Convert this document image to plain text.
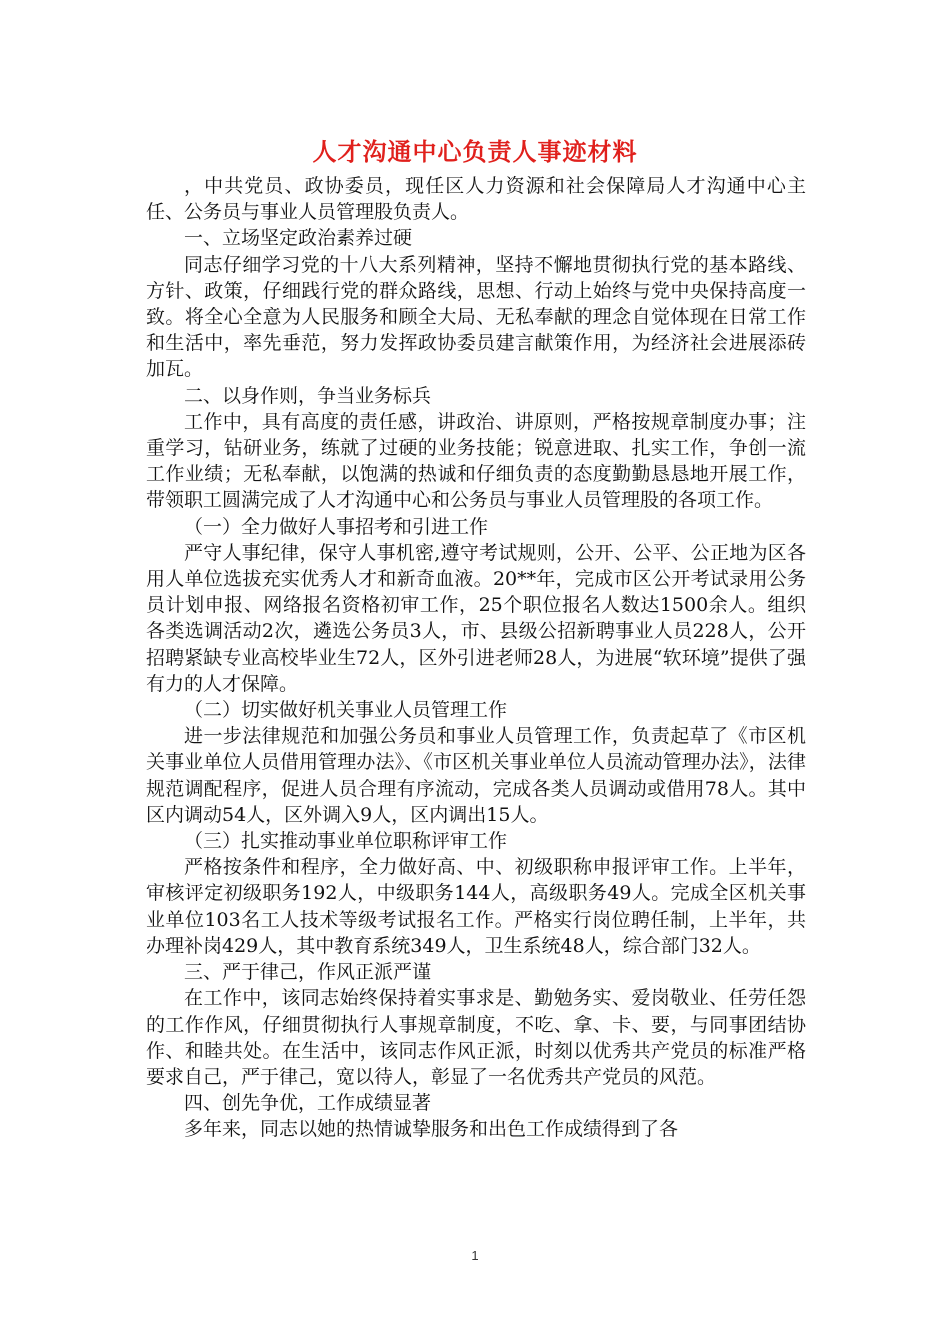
人才沟通中心负责人事迹材料

，中共党员、政协委员，现任区人力资源和社会保障局人才沟通中心主任、公务员与事业人员管理股负责人。

一、立场坚定政治素养过硬

同志仔细学习党的十八大系列精神，坚持不懈地贯彻执行党的基本路线、方针、政策，仔细践行党的群众路线，思想、行动上始终与党中央保持高度一致。将全心全意为人民服务和顾全大局、无私奉献的理念自觉体现在日常工作和生活中，率先垂范，努力发挥政协委员建言献策作用，为经济社会进展添砖加瓦。

二、以身作则，争当业务标兵

工作中，具有高度的责任感，讲政治、讲原则，严格按规章制度办事；注重学习，钻研业务，练就了过硬的业务技能；锐意进取、扎实工作，争创一流工作业绩；无私奉献，以饱满的热诚和仔细负责的态度勤勤恳恳地开展工作，带领职工圆满完成了人才沟通中心和公务员与事业人员管理股的各项工作。

（一）全力做好人事招考和引进工作

严守人事纪律，保守人事机密,遵守考试规则，公开、公平、公正地为区各用人单位选拔充实优秀人才和新奇血液。20**年，完成市区公开考试录用公务员计划申报、网络报名资格初审工作，25个职位报名人数达1500余人。组织各类选调活动2次，遴选公务员3人，市、县级公招新聘事业人员228人，公开招聘紧缺专业高校毕业生72人，区外引进老师28人，为进展“软环境”提供了强有力的人才保障。

（二）切实做好机关事业人员管理工作

进一步法律规范和加强公务员和事业人员管理工作，负责起草了《市区机关事业单位人员借用管理办法》、《市区机关事业单位人员流动管理办法》，法律规范调配程序，促进人员合理有序流动，完成各类人员调动或借用78人。其中区内调动54人，区外调入9人，区内调出15人。

（三）扎实推动事业单位职称评审工作

严格按条件和程序，全力做好高、中、初级职称申报评审工作。上半年，审核评定初级职务192人，中级职务144人，高级职务49人。完成全区机关事业单位103名工人技术等级考试报名工作。严格实行岗位聘任制，上半年，共办理补岗429人，其中教育系统349人，卫生系统48人，综合部门32人。

三、严于律己，作风正派严谨

在工作中，该同志始终保持着实事求是、勤勉务实、爱岗敬业、任劳任怨的工作作风，仔细贯彻执行人事规章制度，不吃、拿、卡、要，与同事团结协作、和睦共处。在生活中，该同志作风正派，时刻以优秀共产党员的标准严格要求自己，严于律己，宽以待人，彰显了一名优秀共产党员的风范。

四、创先争优，工作成绩显著

多年来，同志以她的热情诚挚服务和出色工作成绩得到了各

1
